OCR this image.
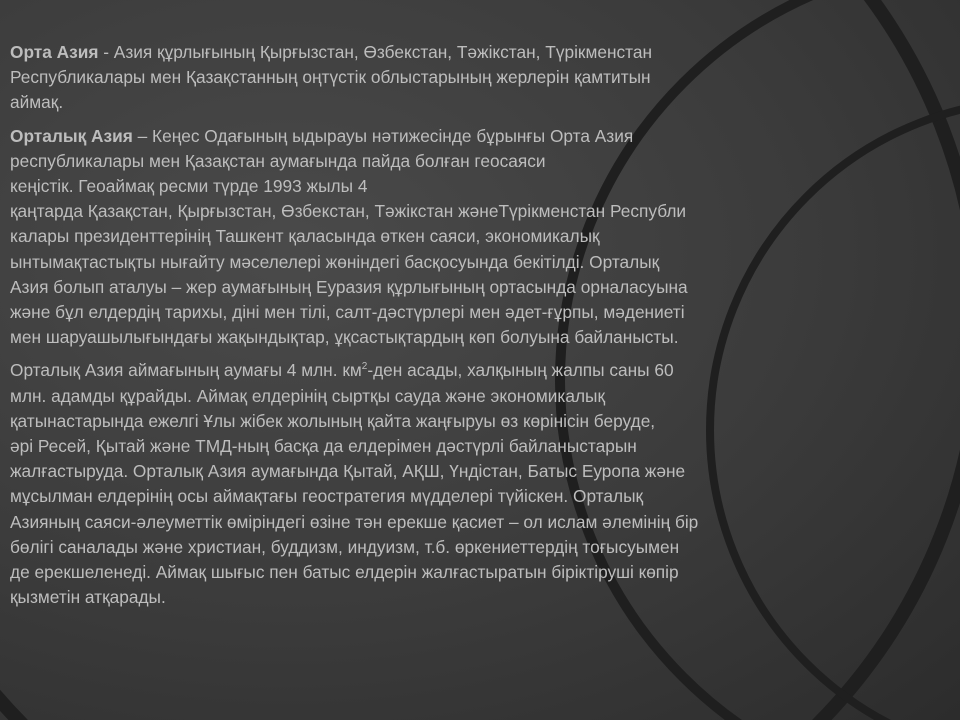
Орта Азия - Азия құрлығының Қырғызстан, Өзбекстан, Тәжікстан, Түрікменстан
Республикалары мен Қазақстанның оңтүстік облыстарының жерлерін қамтитын
аймақ.

Орталық Азия – Кеңес Одағының ыдырауы нәтижесінде бұрынғы Орта Азия
республикалары мен Қазақстан аумағында пайда болған геосаяси
кеңістік. Геоаймақ ресми түрде 1993 жылы 4
қаңтарда Қазақстан, Қырғызстан, Өзбекстан, Тәжікстан жәнеТүрікменстан Республи
калары президенттерінің Ташкент қаласында өткен саяси, экономикалық
ынтымақтастықты нығайту мәселелері жөніндегі басқосуында бекітілді. Орталық
Азия болып аталуы – жер аумағының Еуразия құрлығының ортасында орналасуына
және бұл елдердің тарихы, діні мен тілі, салт-дәстүрлері мен әдет-ғұрпы, мәдениеті
мен шаруашылығындағы жақындықтар, ұқсастықтардың көп болуына байланысты.

Орталық Азия аймағының аумағы 4 млн. $км^2$-ден асады, халқының жалпы саны 60
млн. адамды құрайды. Аймақ елдерінің сыртқы сауда және экономикалық
қатынастарында ежелгі Ұлы жібек жолының қайта жаңғыруы өз көрінісін беруде,
әрі Ресей, Қытай және ТМД-ның басқа да елдерімен дәстүрлі байланыстарын
жалғастыруда. Орталық Азия аумағында Қытай, АҚШ, Үндістан, Батыс Еуропа және
мұсылман елдерінің осы аймақтағы геостратегия мүдделері түйіскен. Орталық
Азияның саяси-әлеуметтік өміріндегі өзіне тән ерекше қасиет – ол ислам әлемінің бір
бөлігі саналады және христиан, буддизм, индуизм, т.б. өркениеттердің тоғысуымен
де ерекшеленеді. Аймақ шығыс пен батыс елдерін жалғастыратын біріктіруші көпір
қызметін атқарады.
